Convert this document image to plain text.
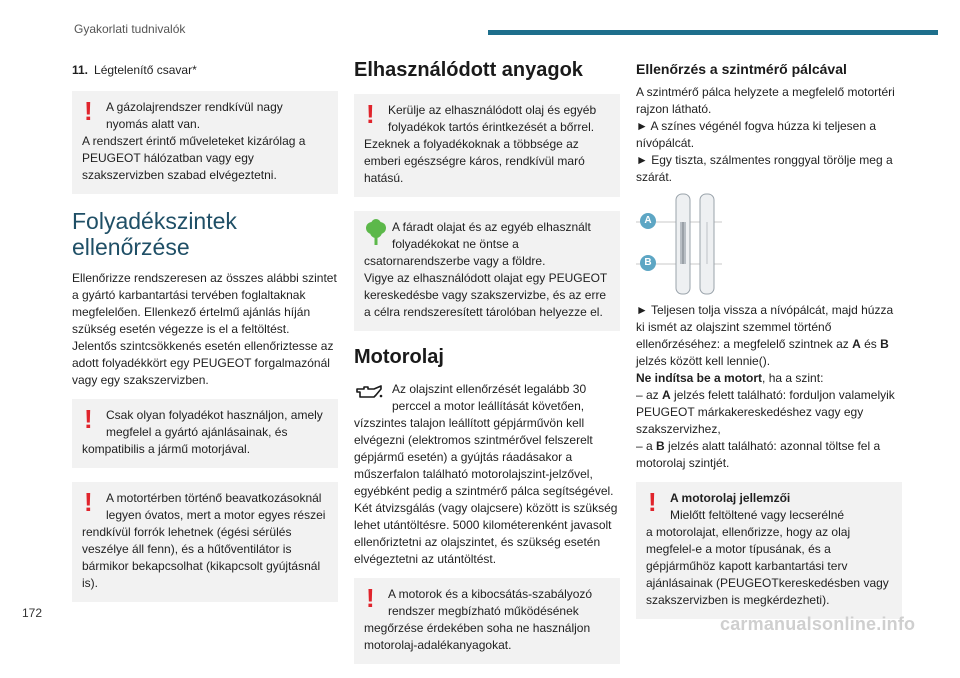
Gyakorlati tudnivalók
11. Légtelenítő csavar*
!	A gázolajrendszer rendkívül nagy nyomás alatt van.
A rendszert érintő műveleteket kizárólag a PEUGEOT hálózatban vagy egy szakszervizben szabad elvégeztetni.
Folyadékszintek ellenőrzése

Ellenőrizze rendszeresen az összes alábbi szintet a gyártó karbantartási tervében foglaltaknak megfelelően. Ellenkező értelmű ajánlás híján szükség esetén végezze is el a feltöltést.
Jelentős szintcsökkenés esetén ellenőriztesse az adott folyadékkört egy PEUGEOT forgalmazónál vagy egy szakszervizben.

!	Csak olyan folyadékot használjon, amely megfelel a gyártó ajánlásainak, és
kompatibilis a jármű motorjával.
!	A motortérben történő beavatkozásoknál legyen óvatos, mert a motor egyes részei
rendkívül forrók lehetnek (égési sérülés veszélye áll fenn), és a hűtőventilátor is bármikor bekapcsolhat (kikapcsolt gyújtásnál is).
Elhasználódott anyagok
!	Kerülje az elhasználódott olaj és egyéb folyadékok tartós érintkezését a bőrrel.
Ezeknek a folyadékoknak a többsége az emberi egészségre káros, rendkívül maró hatású.
A fáradt olajat és az egyéb elhasznált folyadékokat ne öntse a
csatornarendszerbe vagy a földre.
Vigye az elhasználódott olajat egy PEUGEOT kereskedésbe vagy szakszervizbe, és az erre a célra rendszeresített tárolóban helyezze el.
Motorolaj

Az olajszint ellenőrzését legalább 30 perccel a motor leállítását követően, vízszintes talajon leállított gépjárművön kell elvégezni (elektromos szintmérővel felszerelt gépjármű esetén) a gyújtás ráadásakor a műszerfalon található motorolajszint-jelzővel, egyébként pedig a szintmérő pálca segítségével.
Két átvizsgálás (vagy olajcsere) között is szükség lehet utántöltésre. 5000 kilométerenként javasolt ellenőriztetni az olajszintet, és szükség esetén elvégeztetni az utántöltést.

!	A motorok és a kibocsátás-szabályozó rendszer megbízható működésének
megőrzése érdekében soha ne használjon motorolaj-adalékanyagokat.
Ellenőrzés a szintmérő pálcával

A szintmérő pálca helyzete a megfelelő motortéri rajzon látható.
► A színes végénél fogva húzza ki teljesen a nívópálcát.
► Egy tiszta, szálmentes ronggyal törölje meg a szárát.

A
B

► Teljesen tolja vissza a nívópálcát, majd húzza ki ismét az olajszint szemmel történő ellenőrzéséhez: a megfelelő szintnek az A és B jelzés között kell lennie().

Ne indítsa be a motort, ha a szint:

– az A jelzés felett található: forduljon valamelyik PEUGEOT márkakereskedéshez vagy egy szakszervizhez,

– a B jelzés alatt található: azonnal töltse fel a motorolaj szintjét.

!	A motorolaj jellemzői
Mielőtt feltöltené vagy lecserélné
a motorolajat, ellenőrizze, hogy az olaj megfelel-e a motor típusának, és a gépjárműhöz kapott karbantartási terv ajánlásainak (PEUGEOTkereskedésben vagy szakszervizben is megkérdezheti).
172
carmanualsonline.info
